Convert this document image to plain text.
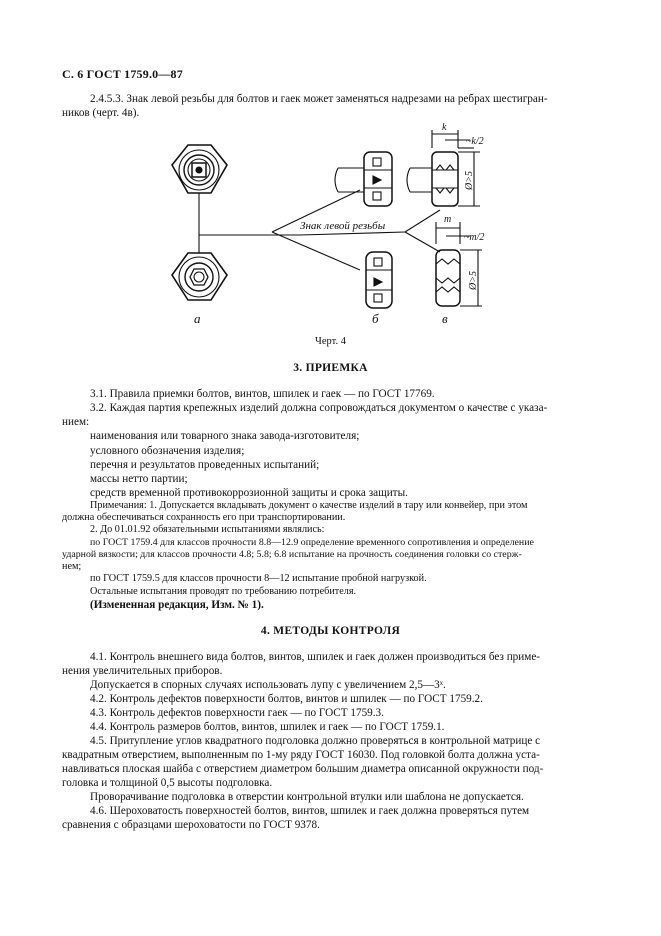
С. 6 ГОСТ 1759.0—87
2.4.5.3. Знак левой резьбы для болтов и гаек может заменяться надрезами на ребрах шестигран-
ников (черт. 4в).
Знак левой резьбы
а	б	в
k
~k/2
m
~m/2
Ø>5
Ø>5
Черт. 4
3. ПРИЕМКА
3.1. Правила приемки болтов, винтов, шпилек и гаек — по ГОСТ 17769.
3.2. Каждая партия крепежных изделий должна сопровождаться документом о качестве с указа-
нием:
наименования или товарного знака завода-изготовителя;
условного обозначения изделия;
перечня и результатов проведенных испытаний;
массы нетто партии;
средств временной противокоррозионной защиты и срока защиты.
Примечания: 1. Допускается вкладывать документ о качестве изделий в тару или конвейер, при этом
должна обеспечиваться сохранность его при транспортировании.
2. До 01.01.92 обязательными испытаниями являлись:
по ГОСТ 1759.4 для классов прочности 8.8—12.9 определение временного сопротивления и определение
ударной вязкости; для классов прочности 4.8; 5.8; 6.8 испытание на прочность соединения головки со стерж-
нем;
по ГОСТ 1759.5 для классов прочности 8—12 испытание пробной нагрузкой.
Остальные испытания проводят по требованию потребителя.
(Измененная редакция, Изм. № 1).
4. МЕТОДЫ КОНТРОЛЯ
4.1. Контроль внешнего вида болтов, винтов, шпилек и гаек должен производиться без приме-
нения увеличительных приборов.
Допускается в спорных случаях использовать лупу с увеличением 2,5—3ˣ.
4.2. Контроль дефектов поверхности болтов, винтов и шпилек — по ГОСТ 1759.2.
4.3. Контроль дефектов поверхности гаек — по ГОСТ 1759.3.
4.4. Контроль размеров болтов, винтов, шпилек и гаек — по ГОСТ 1759.1.
4.5. Притупление углов квадратного подголовка должно проверяться в контрольной матрице с
квадратным отверстием, выполненным по 1-му ряду ГОСТ 16030. Под головкой болта должна уста-
навливаться плоская шайба с отверстием диаметром большим диаметра описанной окружности под-
головка и толщиной 0,5 высоты подголовка.
Проворачивание подголовка в отверстии контрольной втулки или шаблона не допускается.
4.6. Шероховатость поверхностей болтов, винтов, шпилек и гаек должна проверяться путем
сравнения с образцами шероховатости по ГОСТ 9378.
